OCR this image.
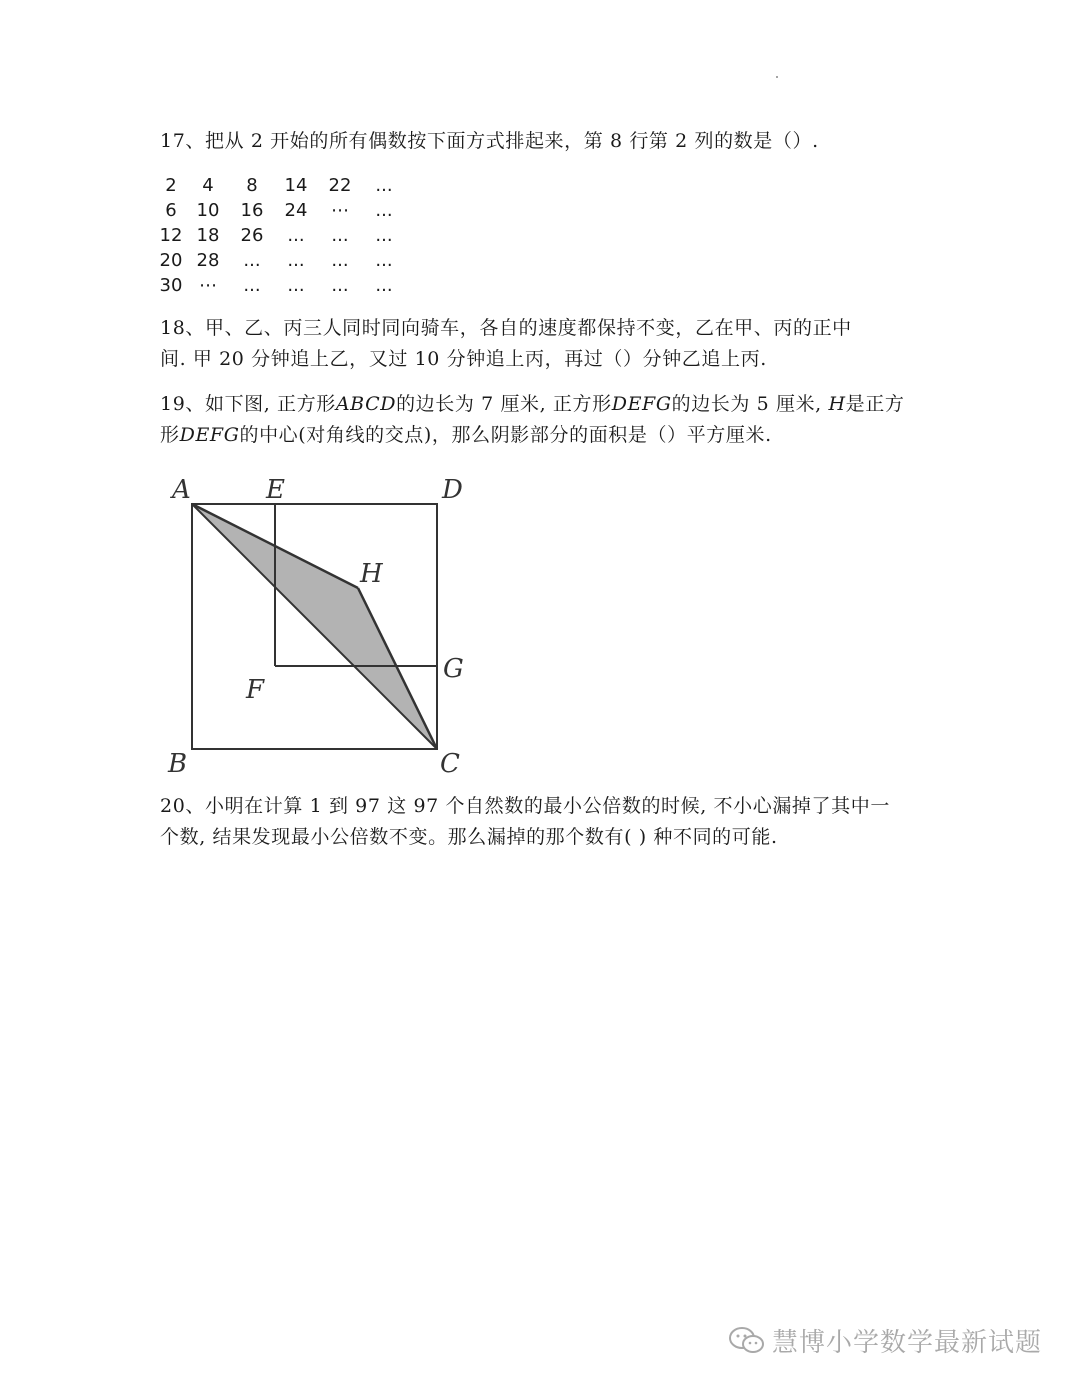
17、把从 2 开始的所有偶数按下面方式排起来，第 8 行第 2 列的数是（）.
2	4	8	14	22	...
6	10	16	24	⋯	...
12 18	26	...	...	...
20 28	...	...	...	...
30 ⋯	...	...	...	...
18、甲、乙、丙三人同时同向骑车，各自的速度都保持不变，乙在甲、丙的正中
间. 甲 20 分钟追上乙，又过 10 分钟追上丙，再过（）分钟乙追上丙.
19、如下图, 正方形ABCD的边长为 7 厘米, 正方形DEFG的边长为 5 厘米, H是正方
形DEFG的中心(对角线的交点)，那么阴影部分的面积是（）平方厘米.
A	E	D
H
G
F
B	C
20、小明在计算 1 到 97 这 97 个自然数的最小公倍数的时候, 不小心漏掉了其中一
个数, 结果发现最小公倍数不变。那么漏掉的那个数有( ) 种不同的可能.
慧博小学数学最新试题
